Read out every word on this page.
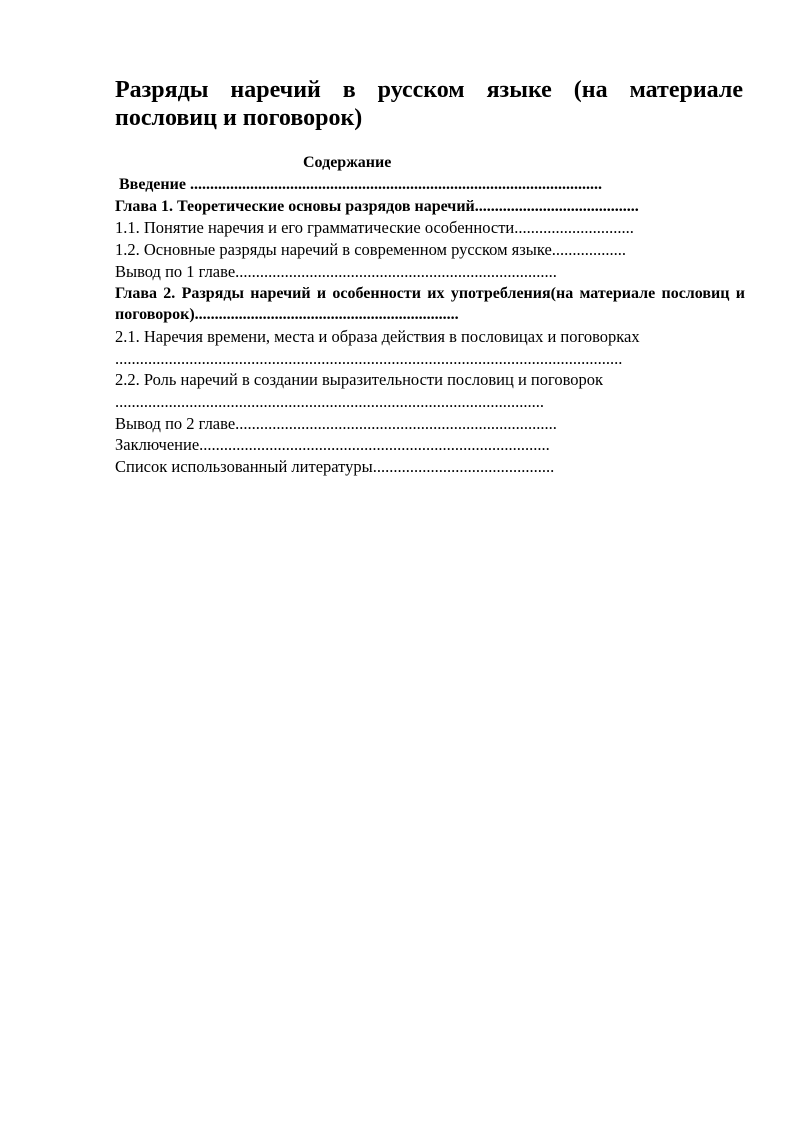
Разряды наречий в русском языке (на материале пословиц и поговорок)
Содержание
Введение .......................................................................................................
Глава 1. Теоретические основы разрядов наречий.........................................
1.1. Понятие наречия и его грамматические особенности.............................
1.2. Основные разряды наречий в современном русском языке..................
Вывод по 1 главе..............................................................................
Глава 2. Разряды наречий и особенности их употребления(на материале пословиц и поговорок)..................................................................
2.1. Наречия времени, места и образа действия в пословицах и поговорках
...........................................................................................................................
2.2. Роль наречий в создании выразительности пословиц и поговорок
........................................................................................................
Вывод по 2 главе..............................................................................
Заключение.....................................................................................
Список использованный литературы............................................
